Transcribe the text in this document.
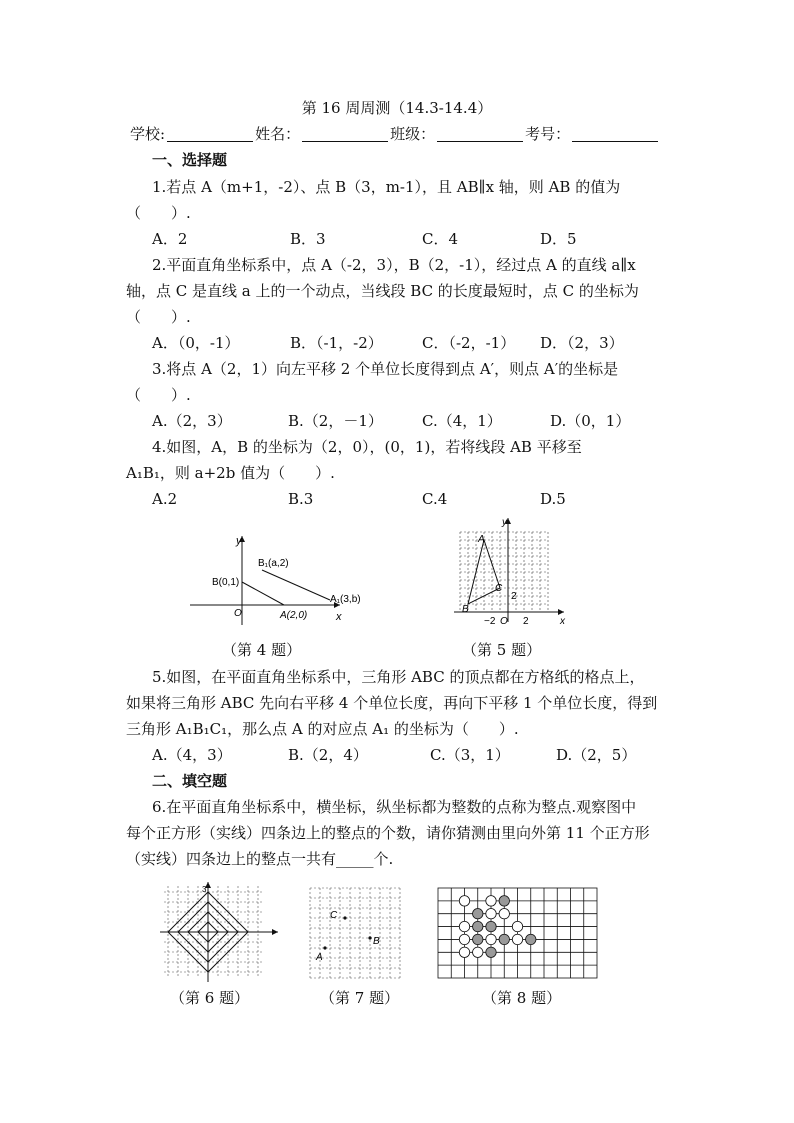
第 16 周周测（14.3-14.4）
学校:	姓名：	班级：	考号：
一、选择题
1.若点 A（m+1，-2）、点 B（3，m-1），且 AB∥x 轴，则 AB 的值为
（　　）.
A．2	B．3	C．4	D．5
2.平面直角坐标系中，点 A（-2，3），B（2，-1），经过点 A 的直线 a∥x
轴，点 C 是直线 a 上的一个动点，当线段 BC 的长度最短时，点 C 的坐标为
（　　）.
A．（0，-1）	B．（-1，-2）	C．（-2，-1） D．（2，3）
3.将点 A（2，1）向左平移 2 个单位长度得到点 A′，则点 A′的坐标是
（　　）.
A.（2，3）	B.（2，－1）	C.（4，1）	D.（0，1）
4.如图，A，B 的坐标为（2，0），(0，1)，若将线段 AB 平移至
A₁B₁，则 a+2b 值为（　　）.
A.2	B.3	C.4	D.5
y
x
O
B(0,1)
A(2,0)
B₁(a,2)
A₁(3,b)
A
B
C
y
x
O
−2	2
2
（第 4 题）	（第 5 题）
5.如图，在平面直角坐标系中，三角形 ABC 的顶点都在方格纸的格点上，
如果将三角形 ABC 先向右平移 4 个单位长度，再向下平移 1 个单位长度，得到
三角形 A₁B₁C₁，那么点 A 的对应点 A₁ 的坐标为（　　）.
A.（4，3）	B.（2，4）	C.（3，1）	D.（2，5）
二、填空题
6.在平面直角坐标系中，横坐标，纵坐标都为整数的点称为整点.观察图中
每个正方形（实线）四条边上的整点的个数，请你猜测由里向外第 11 个正方形
（实线）四条边上的整点一共有_____个.
3
C
B
A
（第 6 题）	（第 7 题）	（第 8 题）
